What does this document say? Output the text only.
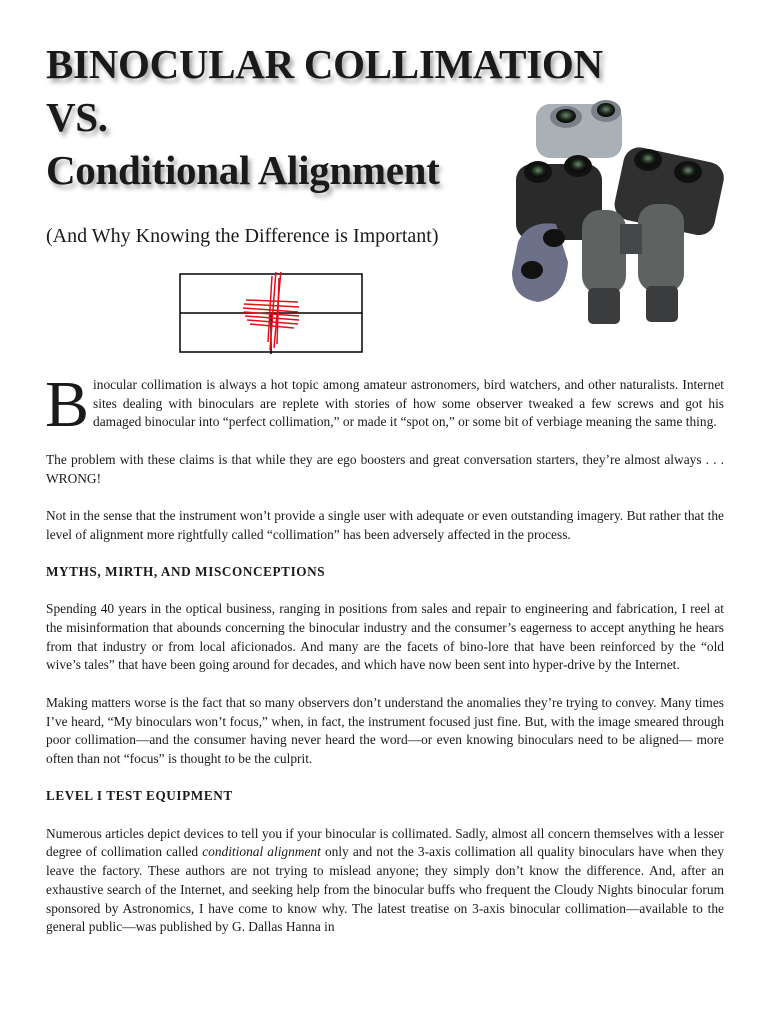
BINOCULAR COLLIMATION
VS.
Conditional Alignment
(And Why Knowing the Difference is Important)

Binocular collimation is always a hot topic among amateur astronomers, bird watchers, and other naturalists. Internet sites dealing with binoculars are replete with stories of how some observer tweaked a few screws and got his damaged binocular into “perfect collimation,” or made it “spot on,” or some bit of verbiage meaning the same thing.

The problem with these claims is that while they are ego boosters and great conversation starters, they’re almost always . . . WRONG!

Not in the sense that the instrument won’t provide a single user with adequate or even outstanding imagery. But rather that the level of alignment more rightfully called “collimation” has been adversely affected in the process.

MYTHS, MIRTH, AND MISCONCEPTIONS

Spending 40 years in the optical business, ranging in positions from sales and repair to engineering and fabrication, I reel at the misinformation that abounds concerning the binocular industry and the consumer’s eagerness to accept anything he hears from that industry or from local aficionados. And many are the facets of bino-lore that have been reinforced by the “old wive’s tales” that have been going around for decades, and which have now been sent into hyper-drive by the Internet.

Making matters worse is the fact that so many observers don’t understand the anomalies they’re trying to convey. Many times I’ve heard, “My binoculars won’t focus,” when, in fact, the instrument focused just fine. But, with the image smeared through poor collimation—and the consumer having never heard the word—or even knowing binoculars need to be aligned— more often than not “focus” is thought to be the culprit.

LEVEL I TEST EQUIPMENT

Numerous articles depict devices to tell you if your binocular is collimated. Sadly, almost all concern themselves with a lesser degree of collimation called conditional alignment only and not the 3-axis collimation all quality binoculars have when they leave the factory. These authors are not trying to mislead anyone; they simply don’t know the difference. And, after an exhaustive search of the Internet, and seeking help from the binocular buffs who frequent the Cloudy Nights binocular forum sponsored by Astronomics, I have come to know why. The latest treatise on 3-axis binocular collimation—available to the general public—was published by G. Dallas Hanna in
